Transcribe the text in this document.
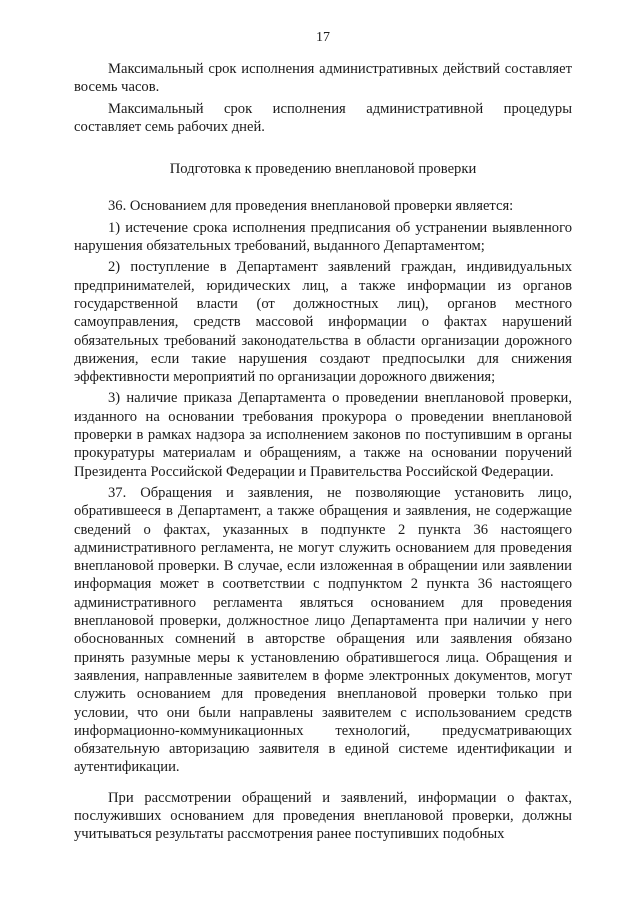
17

Максимальный срок исполнения административных действий составляет восемь часов.

Максимальный срок исполнения административной процедуры составляет семь рабочих дней.

Подготовка к проведению внеплановой проверки

36. Основанием для проведения внеплановой проверки является:

1) истечение срока исполнения предписания об устранении выявленного нарушения обязательных требований, выданного Департаментом;

2) поступление в Департамент заявлений граждан, индивидуальных предпринимателей, юридических лиц, а также информации из органов государственной власти (от должностных лиц), органов местного самоуправления, средств массовой информации о фактах нарушений обязательных требований законодательства в области организации дорожного движения, если такие нарушения создают предпосылки для снижения эффективности мероприятий по организации дорожного движения;

3) наличие приказа Департамента о проведении внеплановой проверки, изданного на основании требования прокурора о проведении внеплановой проверки в рамках надзора за исполнением законов по поступившим в органы прокуратуры материалам и обращениям, а также на основании поручений Президента Российской Федерации и Правительства Российской Федерации.

37. Обращения и заявления, не позволяющие установить лицо, обратившееся в Департамент, а также обращения и заявления, не содержащие сведений о фактах, указанных в подпункте 2 пункта 36 настоящего административного регламента, не могут служить основанием для проведения внеплановой проверки. В случае, если изложенная в обращении или заявлении информация может в соответствии с подпунктом 2 пункта 36 настоящего административного регламента являться основанием для проведения внеплановой проверки, должностное лицо Департамента при наличии у него обоснованных сомнений в авторстве обращения или заявления обязано принять разумные меры к установлению обратившегося лица. Обращения и заявления, направленные заявителем в форме электронных документов, могут служить основанием для проведения внеплановой проверки только при условии, что они были направлены заявителем с использованием средств информационно-коммуникационных технологий, предусматривающих обязательную авторизацию заявителя в единой системе идентификации и аутентификации.

При рассмотрении обращений и заявлений, информации о фактах, послуживших основанием для проведения внеплановой проверки, должны учитываться результаты рассмотрения ранее поступивших подобных
